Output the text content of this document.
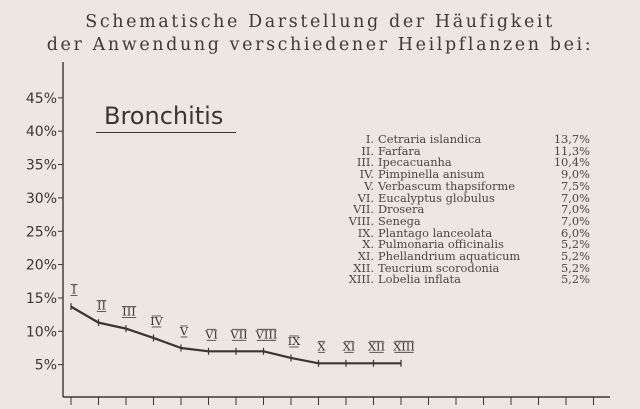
Schematische Darstellung der Häufigkeit
der Anwendung verschiedener Heilpflanzen bei:
5%
10%
15%
20%
25%
30%
35%
40%
45%
I
II III
IV
V VI VII VIII IX X XI XII XIII
Bronchitis
I. Cetraria islandica	13,7%
II. Farfara	11,3%
III. Ipecacuanha	10,4%
IV. Pimpinella anisum	9,0%
V. Verbascum thapsiforme	7,5%
VI. Eucalyptus globulus	7,0%
VII. Drosera	7,0%
VIII. Senega	7,0%
IX. Plantago lanceolata	6,0%
X. Pulmonaria officinalis	5,2%
XI. Phellandrium aquaticum	5,2%
XII. Teucrium scorodonia	5,2%
XIII. Lobelia inflata	5,2%
